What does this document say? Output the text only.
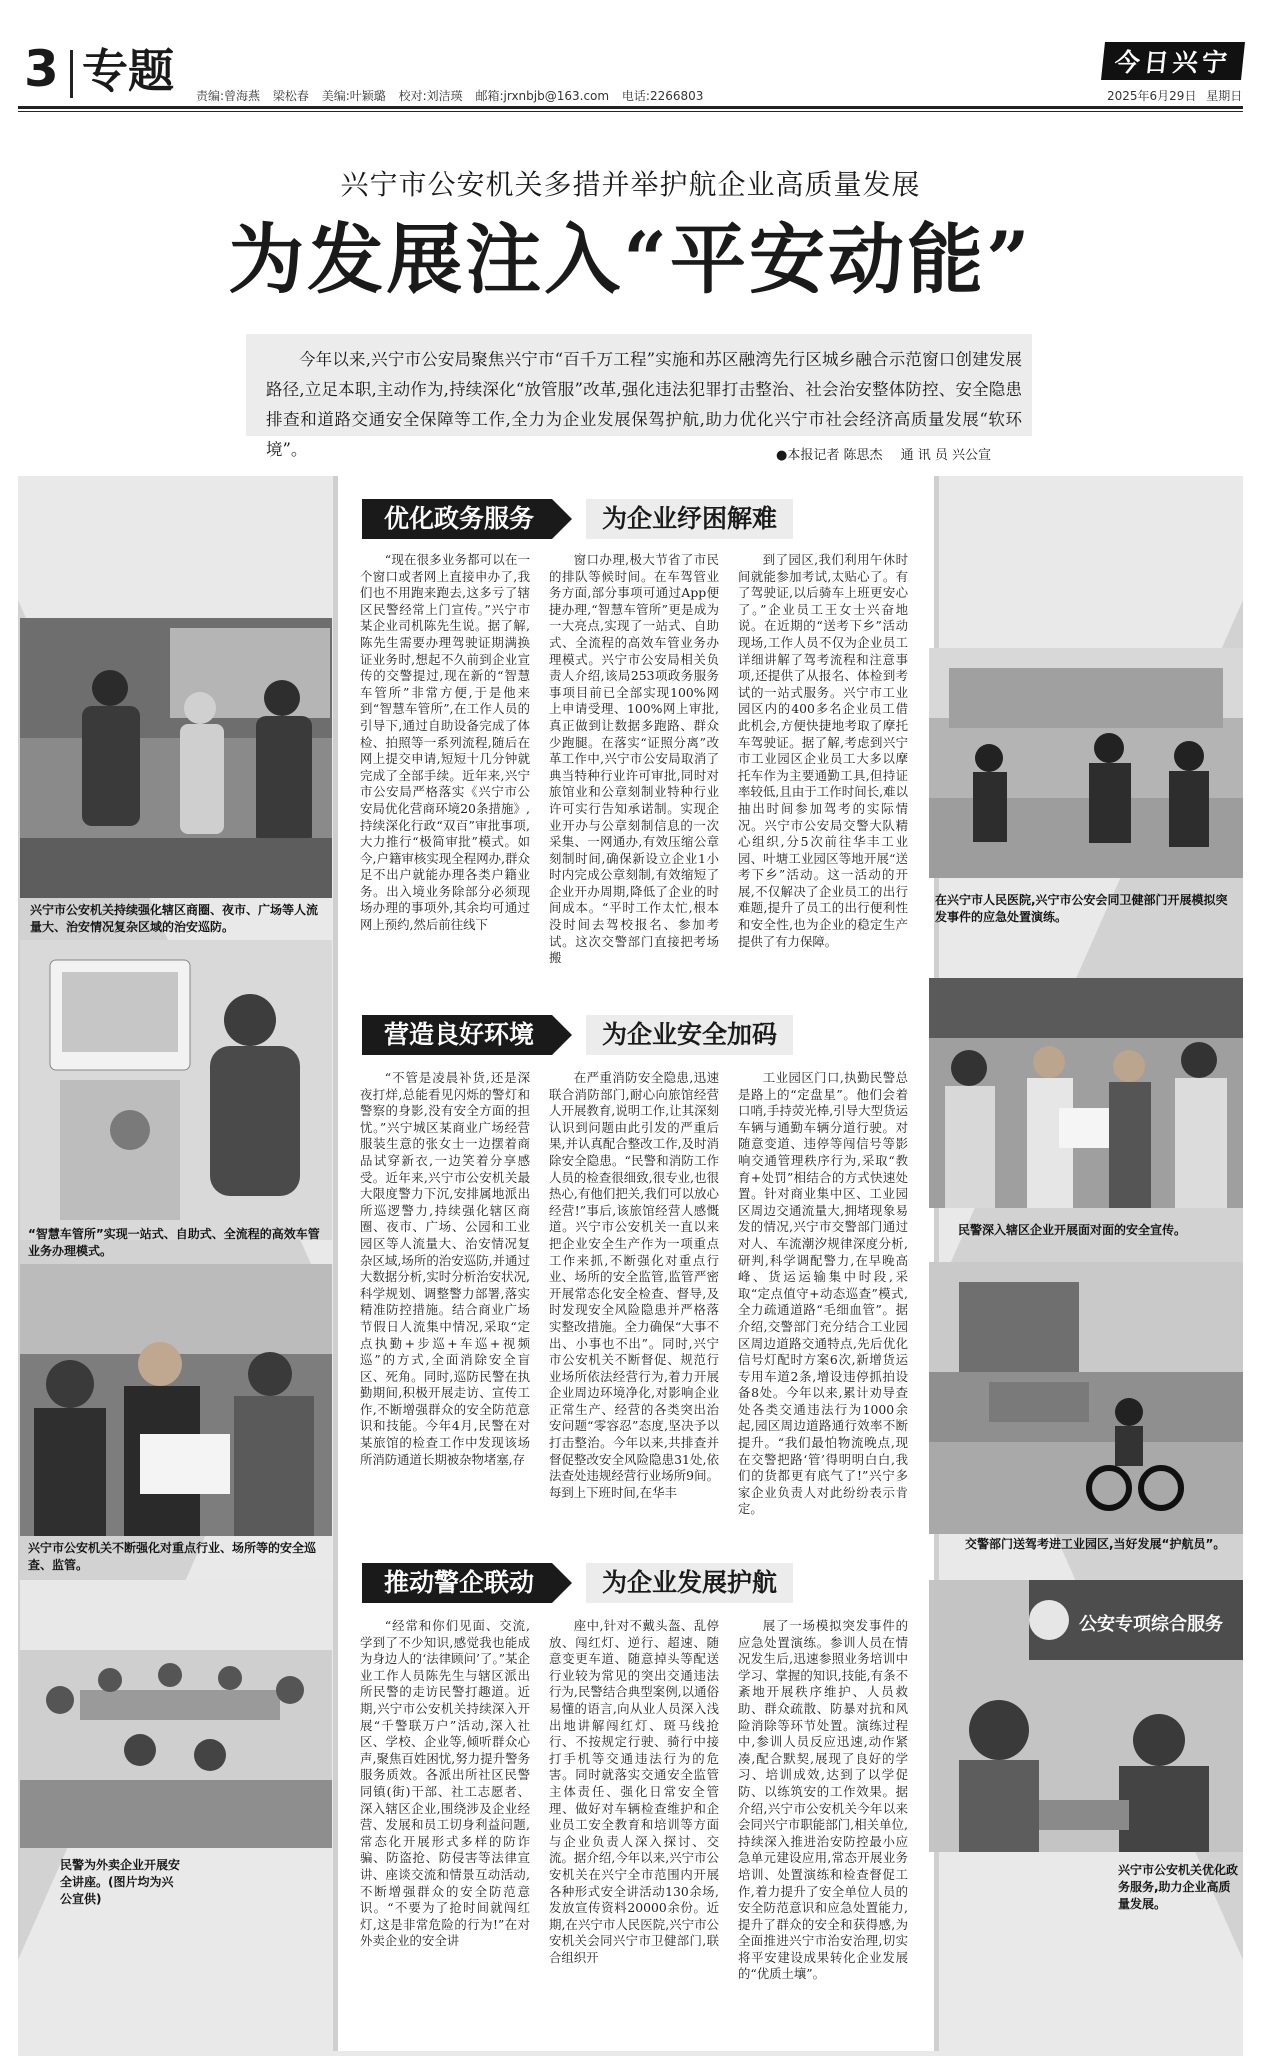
3 专题 责编:曾海燕 梁松春 美编:叶颖璐 校对:刘洁瑛 邮箱:jrxnbjb@163.com 电话:2266803
今日兴宁
2025年6月29日 星期日
兴宁市公安机关多措并举护航企业高质量发展
为发展注入“平安动能”
今年以来,兴宁市公安局聚焦兴宁市“百千万工程”实施和苏区融湾先行区城乡融合示范窗口创建发展路径,立足本职,主动作为,持续深化“放管服”改革,强化违法犯罪打击整治、社会治安整体防控、安全隐患排查和道路交通安全保障等工作,全力为企业发展保驾护航,助力优化兴宁市社会经济高质量发展“软环境”。	●本报记者 陈思杰 通 讯 员 兴公宣
优化政务服务	为企业纾困解难

“现在很多业务都可以在一个窗口或者网上直接申办了,我们也不用跑来跑去,这多亏了辖区民警经常上门宣传。”兴宁市某企业司机陈先生说。据了解,陈先生需要办理驾驶证期满换证业务时,想起不久前到企业宣传的交警提过,现在新的“智慧车管所”非常方便,于是他来到“智慧车管所”,在工作人员的引导下,通过自助设备完成了体检、拍照等一系列流程,随后在网上提交申请,短短十几分钟就完成了全部手续。近年来,兴宁市公安局严格落实《兴宁市公安局优化营商环境20条措施》,持续深化行政“双百”审批事项,大力推行“极简审批”模式。如今,户籍审核实现全程网办,群众足不出户就能办理各类户籍业务。出入境业务除部分必须现场办理的事项外,其余均可通过网上预约,然后前往线下

窗口办理,极大节省了市民的排队等候时间。在车驾管业务方面,部分事项可通过App便捷办理,“智慧车管所”更是成为一大亮点,实现了一站式、自助式、全流程的高效车管业务办理模式。兴宁市公安局相关负责人介绍,该局253项政务服务事项目前已全部实现100%网上申请受理、100%网上审批,真正做到让数据多跑路、群众少跑腿。在落实“证照分离”改革工作中,兴宁市公安局取消了典当特种行业许可审批,同时对旅馆业和公章刻制业特种行业许可实行告知承诺制。实现企业开办与公章刻制信息的一次采集、一网通办,有效压缩公章刻制时间,确保新设立企业1小时内完成公章刻制,有效缩短了企业开办周期,降低了企业的时间成本。“平时工作太忙,根本没时间去驾校报名、参加考试。这次交警部门直接把考场搬

到了园区,我们利用午休时间就能参加考试,太贴心了。有了驾驶证,以后骑车上班更安心了。”企业员工王女士兴奋地说。在近期的“送考下乡”活动现场,工作人员不仅为企业员工详细讲解了驾考流程和注意事项,还提供了从报名、体检到考试的一站式服务。兴宁市工业园区内的400多名企业员工借此机会,方便快捷地考取了摩托车驾驶证。据了解,考虑到兴宁市工业园区企业员工大多以摩托车作为主要通勤工具,但持证率较低,且由于工作时间长,难以抽出时间参加驾考的实际情况。兴宁市公安局交警大队精心组织,分5次前往华丰工业园、叶塘工业园区等地开展“送考下乡”活动。这一活动的开展,不仅解决了企业员工的出行难题,提升了员工的出行便利性和安全性,也为企业的稳定生产提供了有力保障。

营造良好环境	为企业安全加码

“不管是凌晨补货,还是深夜打烊,总能看见闪烁的警灯和警察的身影,没有安全方面的担忧。”兴宁城区某商业广场经营服装生意的张女士一边摆着商品试穿新衣,一边笑着分享感受。近年来,兴宁市公安机关最大限度警力下沉,安排属地派出所巡逻警力,持续强化辖区商圈、夜市、广场、公园和工业园区等人流量大、治安情况复杂区域,场所的治安巡防,并通过大数据分析,实时分析治安状况,科学规划、调整警力部署,落实精准防控措施。结合商业广场节假日人流集中情况,采取“定点执勤+步巡+车巡+视频巡”的方式,全面消除安全盲区、死角。同时,巡防民警在执勤期间,积极开展走访、宣传工作,不断增强群众的安全防范意识和技能。今年4月,民警在对某旅馆的检查工作中发现该场所消防通道长期被杂物堵塞,存

在严重消防安全隐患,迅速联合消防部门,耐心向旅馆经营人开展教育,说明工作,让其深刻认识到问题由此引发的严重后果,并认真配合整改工作,及时消除安全隐患。“民警和消防工作人员的检查很细致,很专业,也很热心,有他们把关,我们可以放心经营!”事后,该旅馆经营人感慨道。兴宁市公安机关一直以来把企业安全生产作为一项重点工作来抓,不断强化对重点行业、场所的安全监管,监管严密开展常态化安全检查、督导,及时发现安全风险隐患并严格落实整改措施。全力确保“大事不出、小事也不出”。同时,兴宁市公安机关不断督促、规范行业场所依法经营行为,着力开展企业周边环境净化,对影响企业正常生产、经营的各类突出治安问题“零容忍”态度,坚决予以打击整治。今年以来,共排查并督促整改安全风险隐患31处,依法查处违规经营行业场所9间。每到上下班时间,在华丰

工业园区门口,执勤民警总是路上的“定盘星”。他们会着口哨,手持荧光棒,引导大型货运车辆与通勤车辆分道行驶。对随意变道、违停等闯信号等影响交通管理秩序行为,采取“教育+处罚”相结合的方式快速处置。针对商业集中区、工业园区周边交通流量大,拥堵现象易发的情况,兴宁市交警部门通过对人、车流潮汐规律深度分析,研判,科学调配警力,在早晚高峰、货运运输集中时段,采取“定点值守+动态巡查”模式,全力疏通道路“毛细血管”。据介绍,交警部门充分结合工业园区周边道路交通特点,先后优化信号灯配时方案6次,新增货运专用车道2条,增设违停抓拍设备8处。今年以来,累计劝导查处各类交通违法行为1000余起,园区周边道路通行效率不断提升。“我们最怕物流晚点,现在交警把路‘管’得明明白白,我们的货都更有底气了!”兴宁多家企业负责人对此纷纷表示肯定。

推动警企联动	为企业发展护航

“经常和你们见面、交流,学到了不少知识,感觉我也能成为身边人的‘法律顾问’了。”某企业工作人员陈先生与辖区派出所民警的走访民警打趣道。近期,兴宁市公安机关持续深入开展“千警联万户”活动,深入社区、学校、企业等,倾听群众心声,聚焦百姓困忧,努力提升警务服务质效。各派出所社区民警同镇(街)干部、社工志愿者、深入辖区企业,围绕涉及企业经营、发展和员工切身利益问题,常态化开展形式多样的防诈骗、防盗抢、防侵害等法律宣讲、座谈交流和情景互动活动,不断增强群众的安全防范意识。“不要为了抢时间就闯红灯,这是非常危险的行为!”在对外卖企业的安全讲

座中,针对不戴头盔、乱停放、闯红灯、逆行、超速、随意变更车道、随意掉头等配送行业较为常见的突出交通违法行为,民警结合典型案例,以通俗易懂的语言,向从业人员深入浅出地讲解闯红灯、斑马线抢行、不按规定行驶、骑行中接打手机等交通违法行为的危害。同时就落实交通安全监管主体责任、强化日常安全管理、做好对车辆检查维护和企业员工安全教育和培训等方面与企业负责人深入探讨、交流。据介绍,今年以来,兴宁市公安机关在兴宁全市范围内开展各种形式安全讲活动130余场,发放宣传资料20000余份。近期,在兴宁市人民医院,兴宁市公安机关会同兴宁市卫健部门,联合组织开

展了一场模拟突发事件的应急处置演练。参训人员在情况发生后,迅速参照业务培训中学习、掌握的知识,技能,有条不紊地开展秩序维护、人员救助、群众疏散、防暴对抗和风险消除等环节处置。演练过程中,参训人员反应迅速,动作紧凑,配合默契,展现了良好的学习、培训成效,达到了以学促防、以练筑安的工作效果。据介绍,兴宁市公安机关今年以来会同兴宁市职能部门,相关单位,持续深入推进治安防控最小应急单元建设应用,常态开展业务培训、处置演练和检查督促工作,着力提升了安全单位人员的安全防范意识和应急处置能力,提升了群众的安全和获得感,为全面推进兴宁市治安治理,切实将平安建设成果转化企业发展的“优质土壤”。

兴宁市公安机关持续强化辖区商圈、夜市、广场等人流量大、治安情况复杂区域的治安巡防。
“智慧车管所”实现一站式、自助式、全流程的高效车管业务办理模式。
兴宁市公安机关不断强化对重点行业、场所等的安全巡查、监管。
民警为外卖企业开展安全讲座。(图片均为兴公宣供)
在兴宁市人民医院,兴宁市公安会同卫健部门开展模拟突发事件的应急处置演练。
民警深入辖区企业开展面对面的安全宣传。
交警部门送驾考进工业园区,当好发展“护航员”。
公安专项综合服务
兴宁市公安机关优化政务服务,助力企业高质量发展。
